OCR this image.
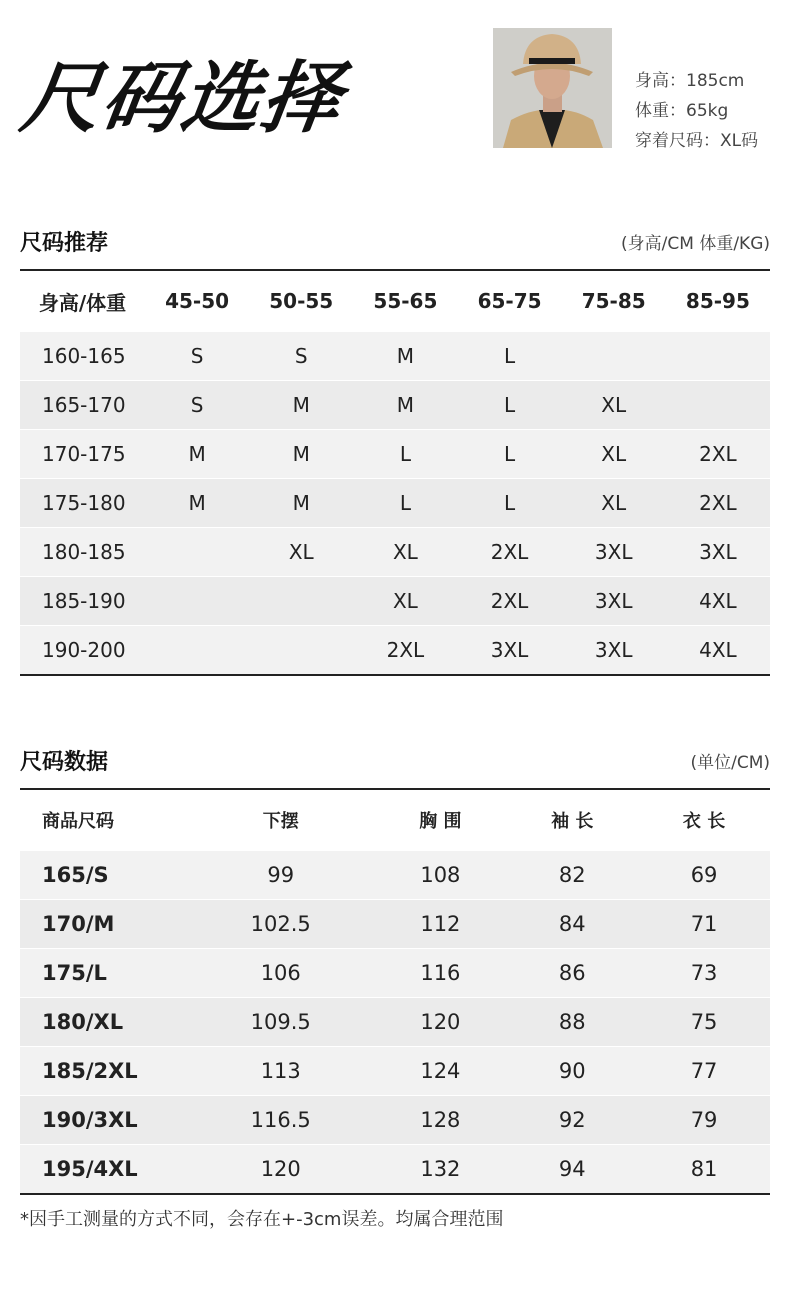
尺码选择	身高：185cm
体重：65kg
穿着尺码：XL码
尺码推荐	(身高/CM 体重/KG)
身高/体重	45-50	50-55	55-65	65-75	75-85	85-95
160-165	S	S	M	L		
165-170	S	M	M	L	XL	
170-175	M	M	L	L	XL	2XL
175-180	M	M	L	L	XL	2XL
180-185		XL	XL	2XL	3XL	3XL
185-190			XL	2XL	3XL	4XL
190-200			2XL	3XL	3XL	4XL
尺码数据	(单位/CM)
商品尺码	下摆	胸 围	袖 长	衣 长
165/S	99	108	82	69
170/M	102.5	112	84	71
175/L	106	116	86	73
180/XL	109.5	120	88	75
185/2XL	113	124	90	77
190/3XL	116.5	128	92	79
195/4XL	120	132	94	81
*因手工测量的方式不同，会存在+-3cm误差。均属合理范围
